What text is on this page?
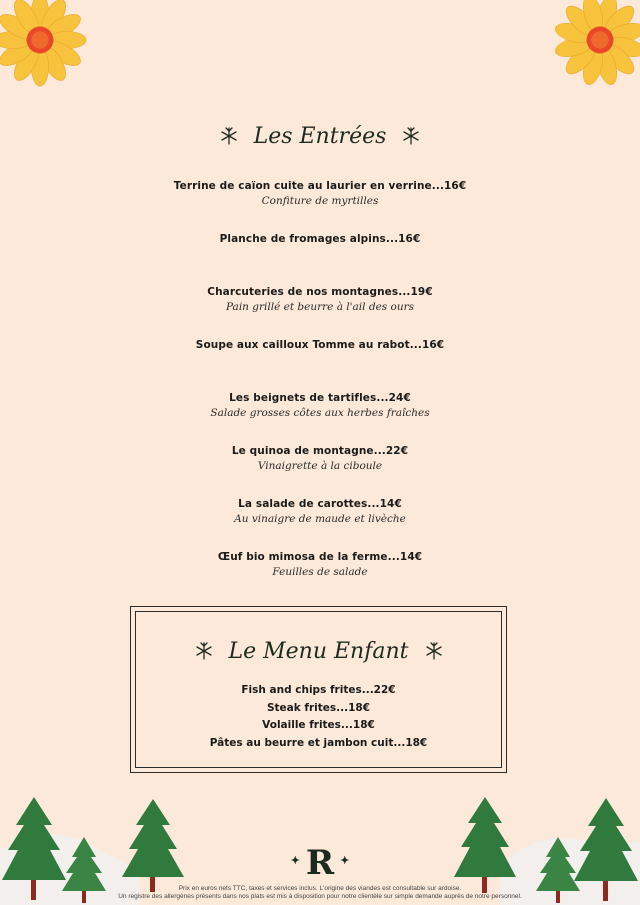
Les Entrées
Terrine de caïon cuite au laurier en verrine...16€
Confiture de myrtilles
Planche de fromages alpins...16€
Charcuteries de nos montagnes...19€
Pain grillé et beurre à l'ail des ours
Soupe aux cailloux Tomme au rabot...16€
Les beignets de tartifles...24€
Salade grosses côtes aux herbes fraîches
Le quinoa de montagne...22€
Vinaigrette à la ciboule
La salade de carottes...14€
Au vinaigre de maude et livèche
Œuf bio mimosa de la ferme...14€
Feuilles de salade
Le Menu Enfant
Fish and chips frites...22€
Steak frites...18€
Volaille frites...18€
Pâtes au beurre et jambon cuit...18€
✦ R ✦
Prix en euros nets TTC, taxes et services inclus. L'origine des viandes est consultable sur ardoise.
Un registre des allergènes présents dans nos plats est mis à disposition pour notre clientèle sur simple demande auprès de notre personnel.
